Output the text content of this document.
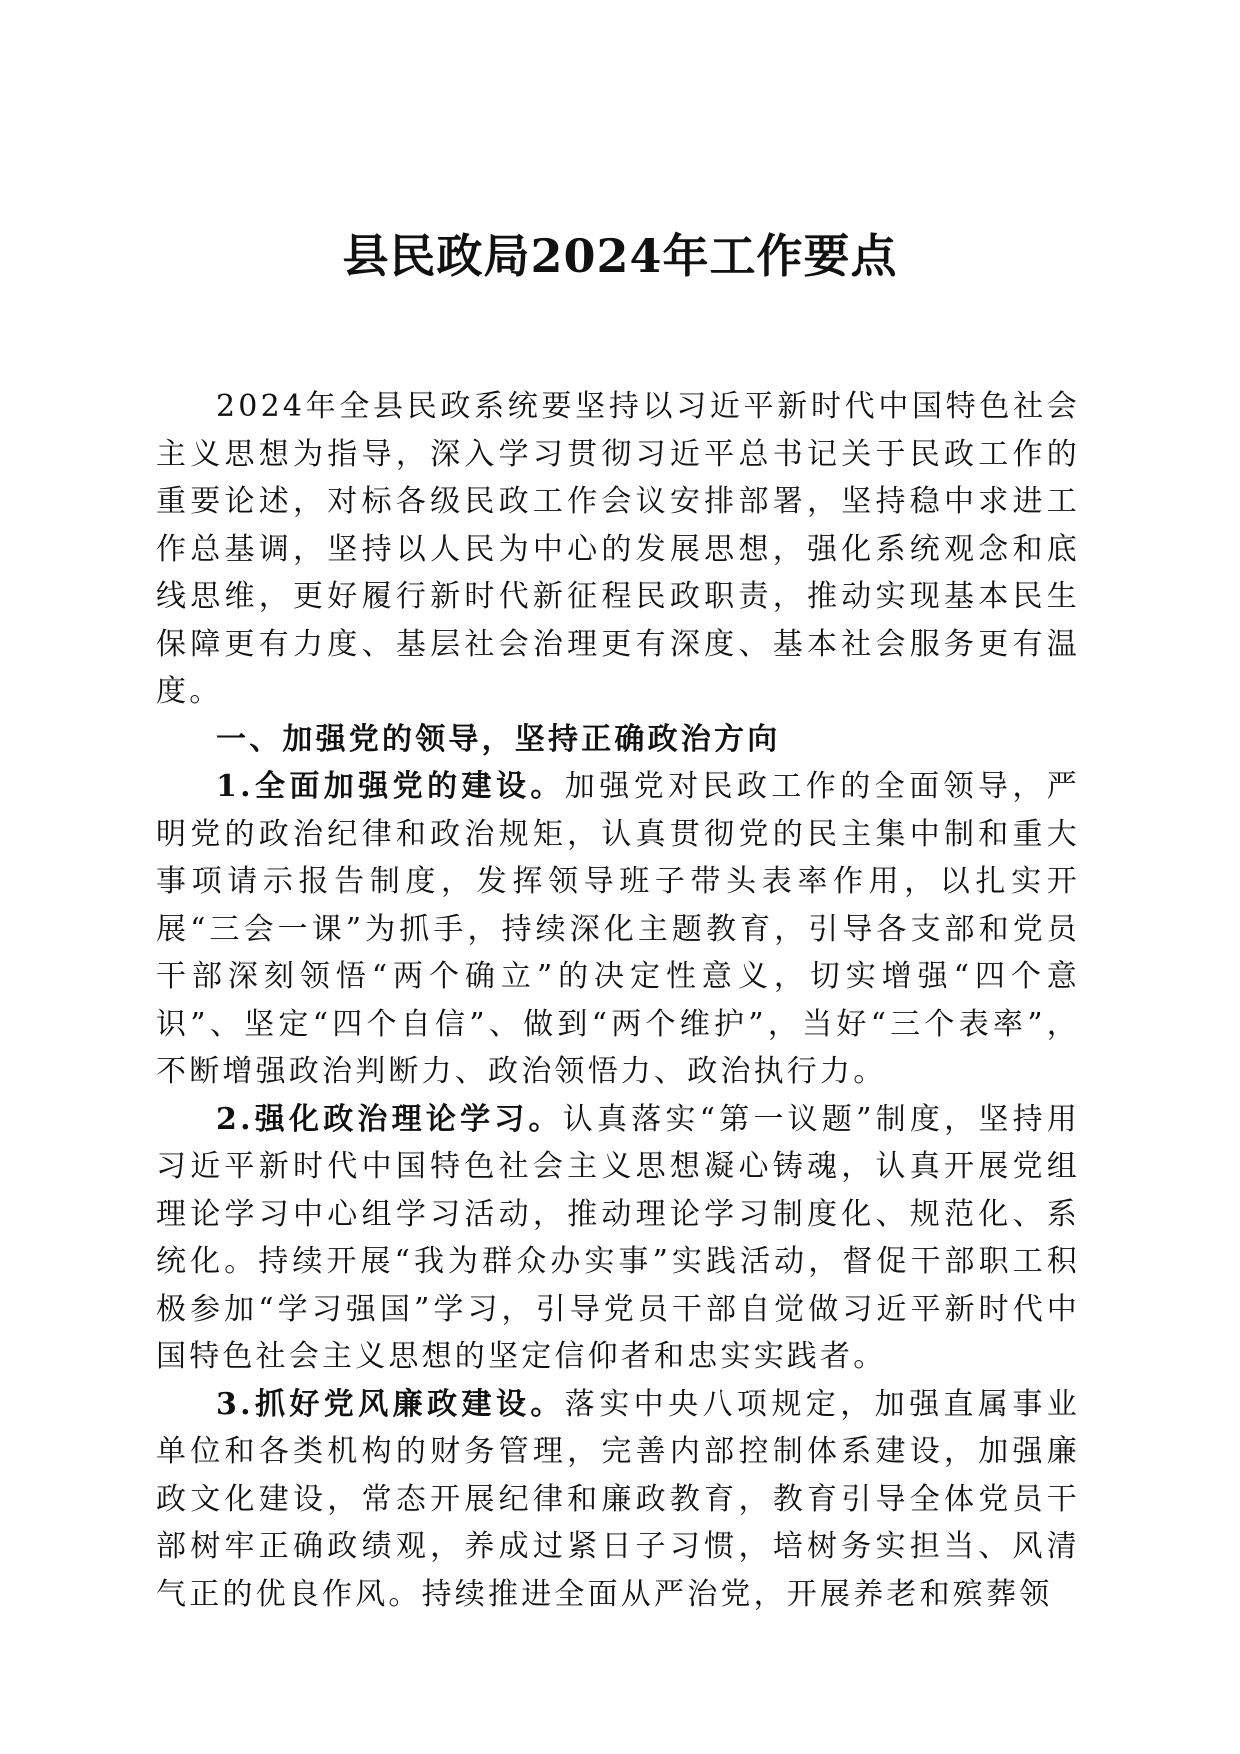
县民政局2024年工作要点

2024年全县民政系统要坚持以习近平新时代中国特色社会主义思想为指导，深入学习贯彻习近平总书记关于民政工作的重要论述，对标各级民政工作会议安排部署，坚持稳中求进工作总基调，坚持以人民为中心的发展思想，强化系统观念和底线思维，更好履行新时代新征程民政职责，推动实现基本民生保障更有力度、基层社会治理更有深度、基本社会服务更有温度。

一、加强党的领导，坚持正确政治方向

1.全面加强党的建设。加强党对民政工作的全面领导，严明党的政治纪律和政治规矩，认真贯彻党的民主集中制和重大事项请示报告制度，发挥领导班子带头表率作用，以扎实开展“三会一课”为抓手，持续深化主题教育，引导各支部和党员干部深刻领悟“两个确立”的决定性意义，切实增强“四个意识”、坚定“四个自信”、做到“两个维护”，当好“三个表率”，不断增强政治判断力、政治领悟力、政治执行力。

2.强化政治理论学习。认真落实“第一议题”制度，坚持用习近平新时代中国特色社会主义思想凝心铸魂，认真开展党组理论学习中心组学习活动，推动理论学习制度化、规范化、系统化。持续开展“我为群众办实事”实践活动，督促干部职工积极参加“学习强国”学习，引导党员干部自觉做习近平新时代中国特色社会主义思想的坚定信仰者和忠实实践者。

3.抓好党风廉政建设。落实中央八项规定，加强直属事业单位和各类机构的财务管理，完善内部控制体系建设，加强廉政文化建设，常态开展纪律和廉政教育，教育引导全体党员干部树牢正确政绩观，养成过紧日子习惯，培树务实担当、风清气正的优良作风。持续推进全面从严治党，开展养老和殡葬领
